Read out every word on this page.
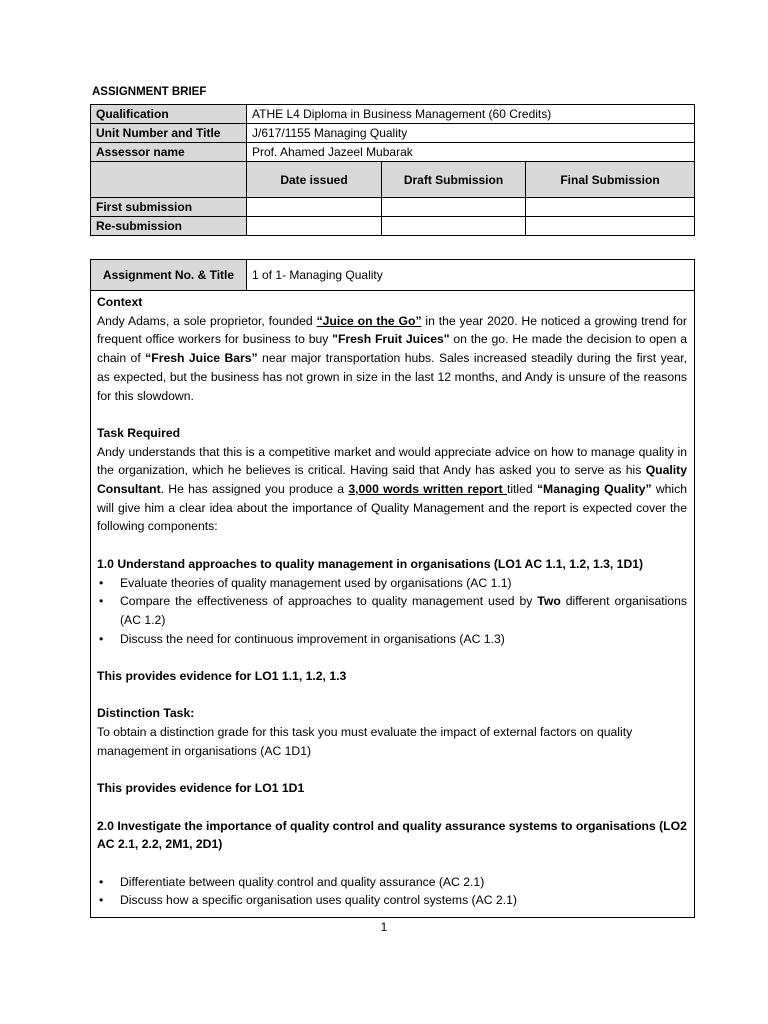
ASSIGNMENT BRIEF
Qualification	ATHE L4 Diploma in Business Management (60 Credits)		
Unit Number and Title	J/617/1155 Managing Quality		
Assessor name	Prof. Ahamed Jazeel Mubarak		
	Date issued	Draft Submission	Final Submission
First submission			
Re-submission			
Assignment No. & Title	1 of 1- Managing Quality

Context

Andy Adams, a sole proprietor, founded “Juice on the Go” in the year 2020. He noticed a growing trend for frequent office workers for business to buy "Fresh Fruit Juices" on the go. He made the decision to open a chain of “Fresh Juice Bars” near major transportation hubs. Sales increased steadily during the first year, as expected, but the business has not grown in size in the last 12 months, and Andy is unsure of the reasons for this slowdown.

Task Required

Andy understands that this is a competitive market and would appreciate advice on how to manage quality in the organization, which he believes is critical. Having said that Andy has asked you to serve as his Quality Consultant. He has assigned you produce a 3,000 words written report titled “Managing Quality” which will give him a clear idea about the importance of Quality Management and the report is expected cover the following components:

1.0 Understand approaches to quality management in organisations (LO1 AC 1.1, 1.2, 1.3, 1D1)

• Evaluate theories of quality management used by organisations (AC 1.1)
• Compare the effectiveness of approaches to quality management used by Two different organisations (AC 1.2)
• Discuss the need for continuous improvement in organisations (AC 1.3)

This provides evidence for LO1 1.1, 1.2, 1.3

Distinction Task:

To obtain a distinction grade for this task you must evaluate the impact of external factors on quality management in organisations (AC 1D1)

This provides evidence for LO1 1D1

2.0 Investigate the importance of quality control and quality assurance systems to organisations (LO2 AC 2.1, 2.2, 2M1, 2D1)

• Differentiate between quality control and quality assurance (AC 2.1)
• Discuss how a specific organisation uses quality control systems (AC 2.1)
1
